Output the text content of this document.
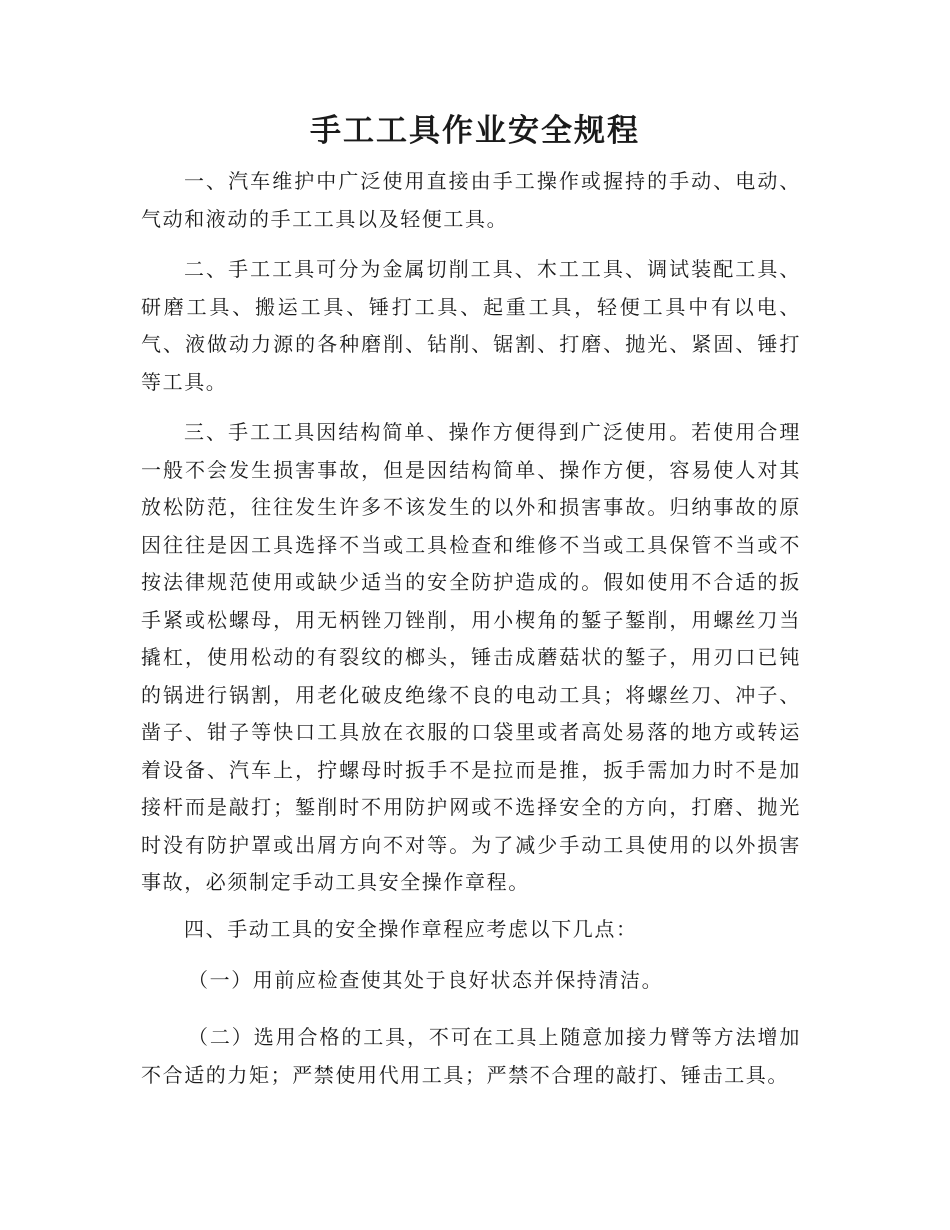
手工工具作业安全规程

一、汽车维护中广泛使用直接由手工操作或握持的手动、电动、气动和液动的手工工具以及轻便工具。

二、手工工具可分为金属切削工具、木工工具、调试装配工具、研磨工具、搬运工具、锤打工具、起重工具，轻便工具中有以电、气、液做动力源的各种磨削、钻削、锯割、打磨、抛光、紧固、锤打等工具。

三、手工工具因结构简单、操作方便得到广泛使用。若使用合理一般不会发生损害事故，但是因结构简单、操作方便，容易使人对其放松防范，往往发生许多不该发生的以外和损害事故。归纳事故的原因往往是因工具选择不当或工具检查和维修不当或工具保管不当或不按法律规范使用或缺少适当的安全防护造成的。假如使用不合适的扳手紧或松螺母，用无柄锉刀锉削，用小楔角的錾子錾削，用螺丝刀当撬杠，使用松动的有裂纹的榔头，锤击成蘑菇状的錾子，用刃口已钝的锅进行锅割，用老化破皮绝缘不良的电动工具；将螺丝刀、冲子、凿子、钳子等快口工具放在衣服的口袋里或者高处易落的地方或转运着设备、汽车上，拧螺母时扳手不是拉而是推，扳手需加力时不是加接杆而是敲打；錾削时不用防护网或不选择安全的方向，打磨、抛光时没有防护罩或出屑方向不对等。为了减少手动工具使用的以外损害事故，必须制定手动工具安全操作章程。

四、手动工具的安全操作章程应考虑以下几点：

（一）用前应检查使其处于良好状态并保持清洁。

（二）选用合格的工具，不可在工具上随意加接力臂等方法增加不合适的力矩；严禁使用代用工具；严禁不合理的敲打、锤击工具。
